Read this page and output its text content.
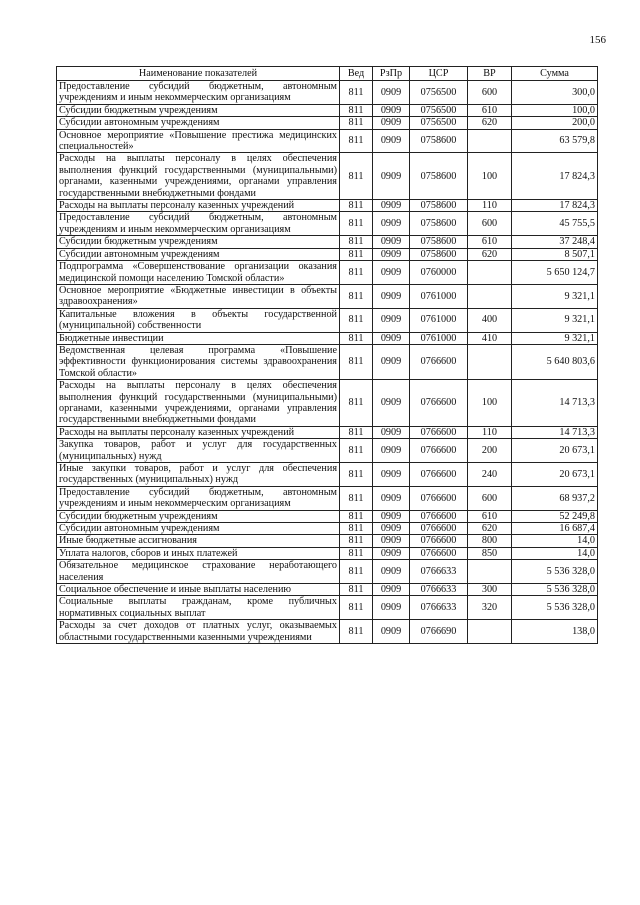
156
Наименование показателей	Вед	РзПр	ЦСР	ВР	Сумма
Предоставление субсидий бюджетным, автономным учреждениям и иным некоммерческим организациям	811	0909	0756500	600	300,0
Субсидии бюджетным учреждениям	811	0909	0756500	610	100,0
Субсидии автономным учреждениям	811	0909	0756500	620	200,0
Основное мероприятие «Повышение престижа медицинских специальностей»	811	0909	0758600		63 579,8
Расходы на выплаты персоналу в целях обеспечения выполнения функций государственными (муниципальными) органами, казенными учреждениями, органами управления государственными внебюджетными фондами	811	0909	0758600	100	17 824,3
Расходы на выплаты персоналу казенных учреждений	811	0909	0758600	110	17 824,3
Предоставление субсидий бюджетным, автономным учреждениям и иным некоммерческим организациям	811	0909	0758600	600	45 755,5
Субсидии бюджетным учреждениям	811	0909	0758600	610	37 248,4
Субсидии автономным учреждениям	811	0909	0758600	620	8 507,1
Подпрограмма «Совершенствование организации оказания медицинской помощи населению Томской области»	811	0909	0760000		5 650 124,7
Основное мероприятие «Бюджетные инвестиции в объекты здравоохранения»	811	0909	0761000		9 321,1
Капитальные вложения в объекты государственной (муниципальной) собственности	811	0909	0761000	400	9 321,1
Бюджетные инвестиции	811	0909	0761000	410	9 321,1
Ведомственная целевая программа «Повышение эффективности функционирования системы здравоохранения Томской области»	811	0909	0766600		5 640 803,6
Расходы на выплаты персоналу в целях обеспечения выполнения функций государственными (муниципальными) органами, казенными учреждениями, органами управления государственными внебюджетными фондами	811	0909	0766600	100	14 713,3
Расходы на выплаты персоналу казенных учреждений	811	0909	0766600	110	14 713,3
Закупка товаров, работ и услуг для государственных (муниципальных) нужд	811	0909	0766600	200	20 673,1
Иные закупки товаров, работ и услуг для обеспечения государственных (муниципальных) нужд	811	0909	0766600	240	20 673,1
Предоставление субсидий бюджетным, автономным учреждениям и иным некоммерческим организациям	811	0909	0766600	600	68 937,2
Субсидии бюджетным учреждениям	811	0909	0766600	610	52 249,8
Субсидии автономным учреждениям	811	0909	0766600	620	16 687,4
Иные бюджетные ассигнования	811	0909	0766600	800	14,0
Уплата налогов, сборов и иных платежей	811	0909	0766600	850	14,0
Обязательное медицинское страхование неработающего населения	811	0909	0766633		5 536 328,0
Социальное обеспечение и иные выплаты населению	811	0909	0766633	300	5 536 328,0
Социальные выплаты гражданам, кроме публичных нормативных социальных выплат	811	0909	0766633	320	5 536 328,0
Расходы за счет доходов от платных услуг, оказываемых областными государственными казенными учреждениями	811	0909	0766690		138,0
